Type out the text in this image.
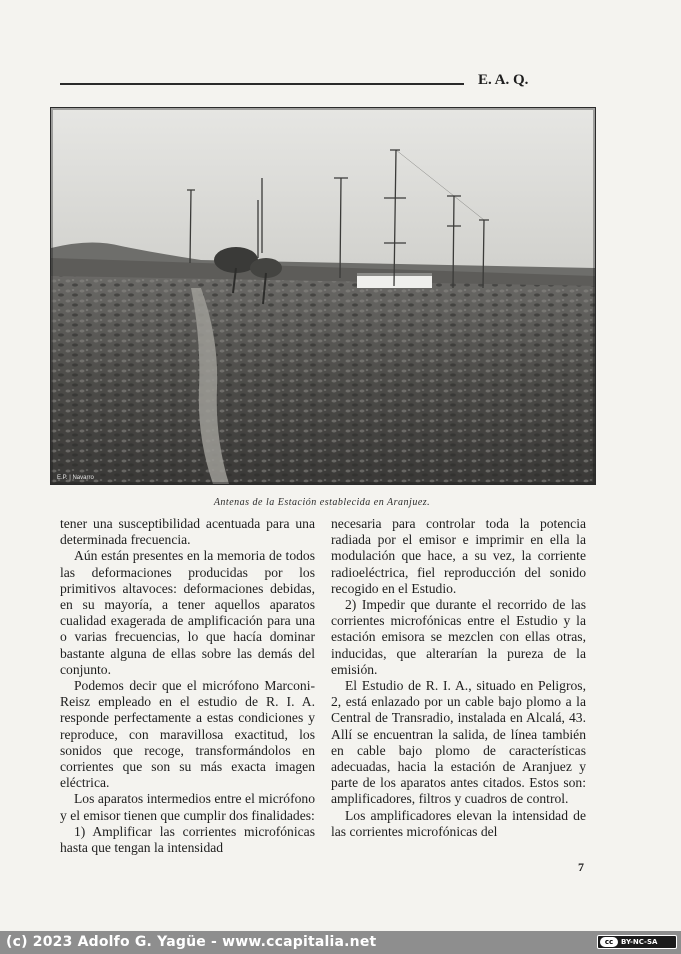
E. A. Q.
E.P. | Navarro
Antenas de la Estación establecida en Aranjuez.

tener una susceptibilidad acentuada para una determinada frecuencia.

Aún están presentes en la memoria de todos las deformaciones producidas por los primitivos altavoces: deformaciones debidas, en su mayoría, a tener aquellos aparatos cualidad exagerada de amplificación para una o varias frecuencias, lo que hacía dominar bastante alguna de ellas sobre las demás del conjunto.

Podemos decir que el micrófono Marconi-Reisz empleado en el estudio de R. I. A. responde perfectamente a estas condiciones y reproduce, con maravillosa exactitud, los sonidos que recoge, transformándolos en corrientes que son su más exacta imagen eléctrica.

Los aparatos intermedios entre el micrófono y el emisor tienen que cumplir dos finalidades:

1) Amplificar las corrientes microfónicas hasta que tengan la intensidad

necesaria para controlar toda la potencia radiada por el emisor e imprimir en ella la modulación que hace, a su vez, la corriente radioeléctrica, fiel reproducción del sonido recogido en el Estudio.

2) Impedir que durante el recorrido de las corrientes microfónicas entre el Estudio y la estación emisora se mezclen con ellas otras, inducidas, que alterarían la pureza de la emisión.

El Estudio de R. I. A., situado en Peligros, 2, está enlazado por un cable bajo plomo a la Central de Transradio, instalada en Alcalá, 43. Allí se encuentran la salida, de línea también en cable bajo plomo de características adecuadas, hacia la estación de Aranjuez y parte de los aparatos antes citados. Estos son: amplificadores, filtros y cuadros de control.

Los amplificadores elevan la intensidad de las corrientes microfónicas del

7
(c) 2023 Adolfo G. Yagüe - www.ccapitalia.net	cc	BY-NC-SA
